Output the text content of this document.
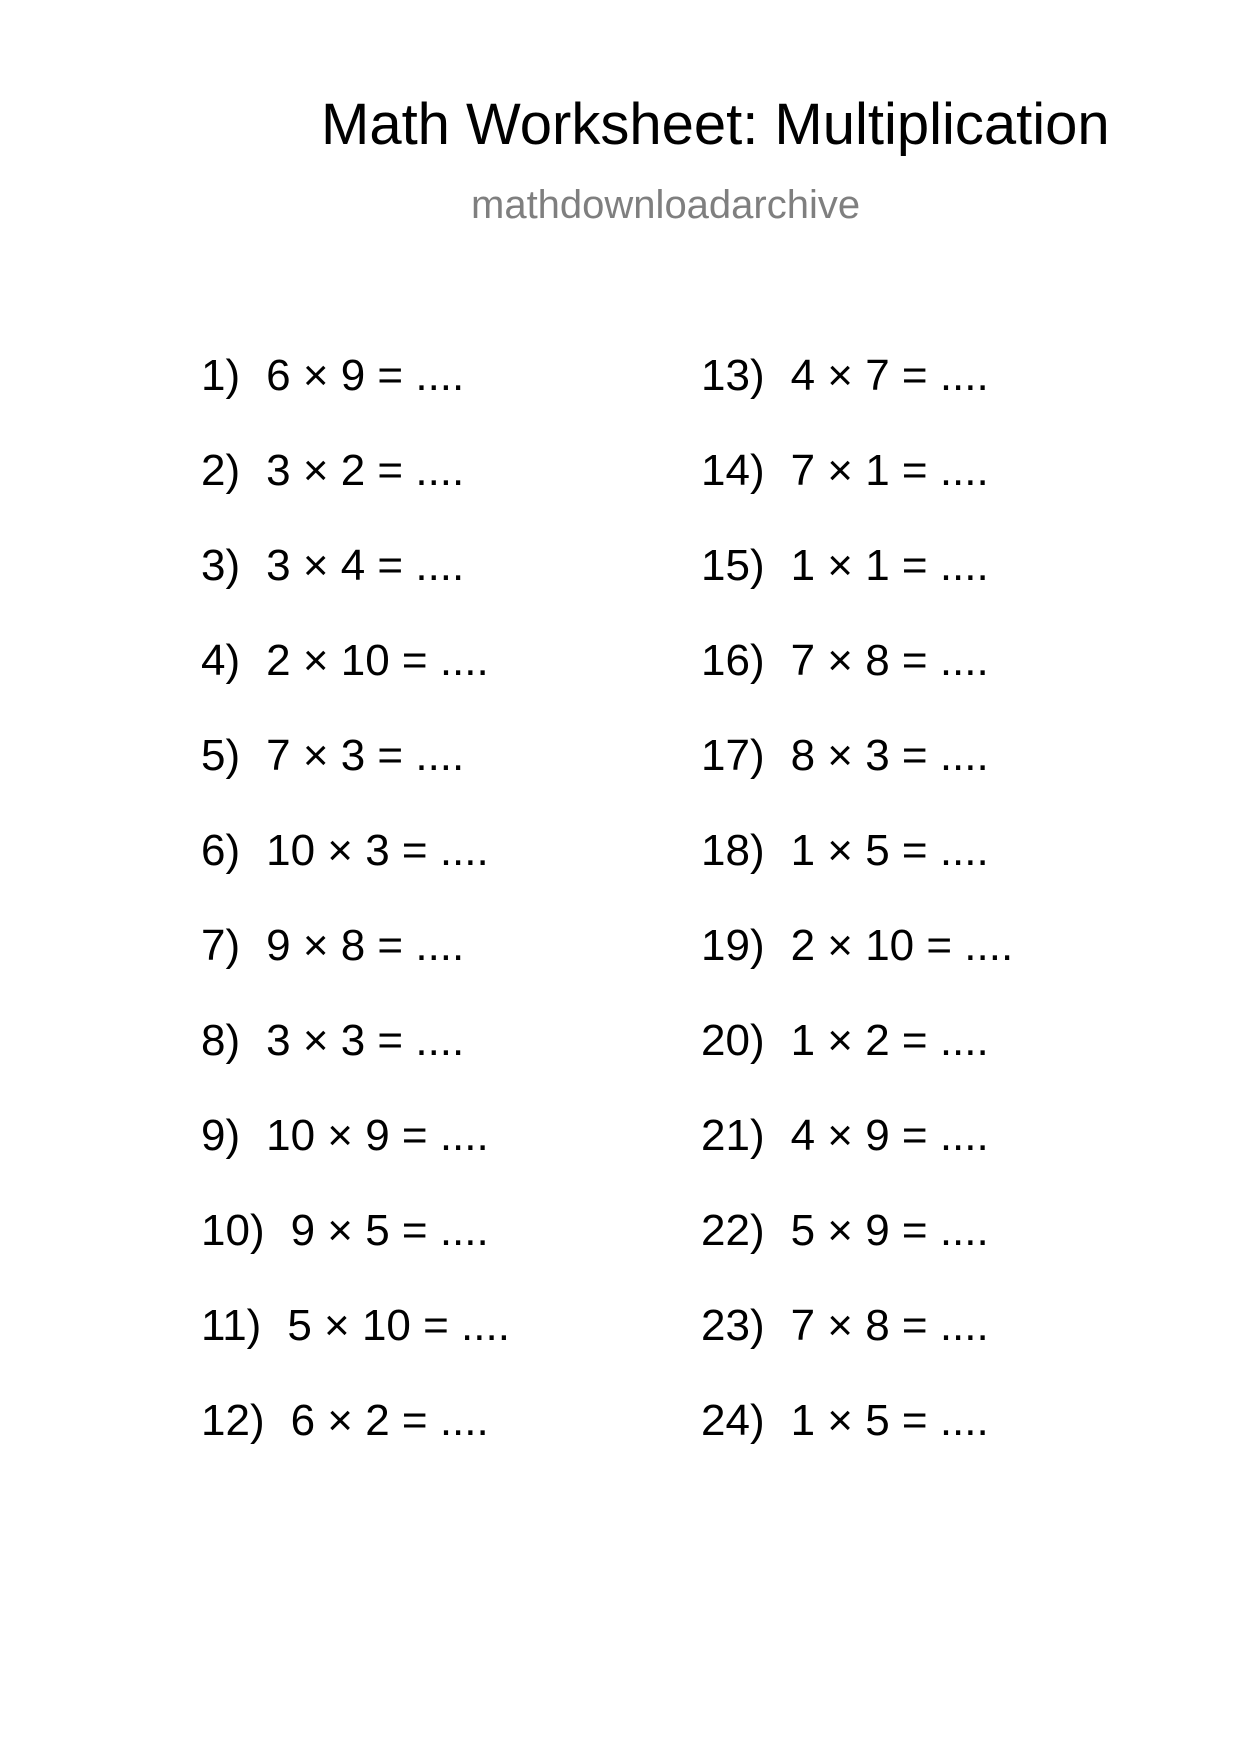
Math Worksheet: Multiplication
mathdownloadarchive
1) 6 × 9 = ....
2) 3 × 2 = ....
3) 3 × 4 = ....
4) 2 × 10 = ....
5) 7 × 3 = ....
6) 10 × 3 = ....
7) 9 × 8 = ....
8) 3 × 3 = ....
9) 10 × 9 = ....
10) 9 × 5 = ....
11) 5 × 10 = ....
12) 6 × 2 = ....
13) 4 × 7 = ....
14) 7 × 1 = ....
15) 1 × 1 = ....
16) 7 × 8 = ....
17) 8 × 3 = ....
18) 1 × 5 = ....
19) 2 × 10 = ....
20) 1 × 2 = ....
21) 4 × 9 = ....
22) 5 × 9 = ....
23) 7 × 8 = ....
24) 1 × 5 = ....
